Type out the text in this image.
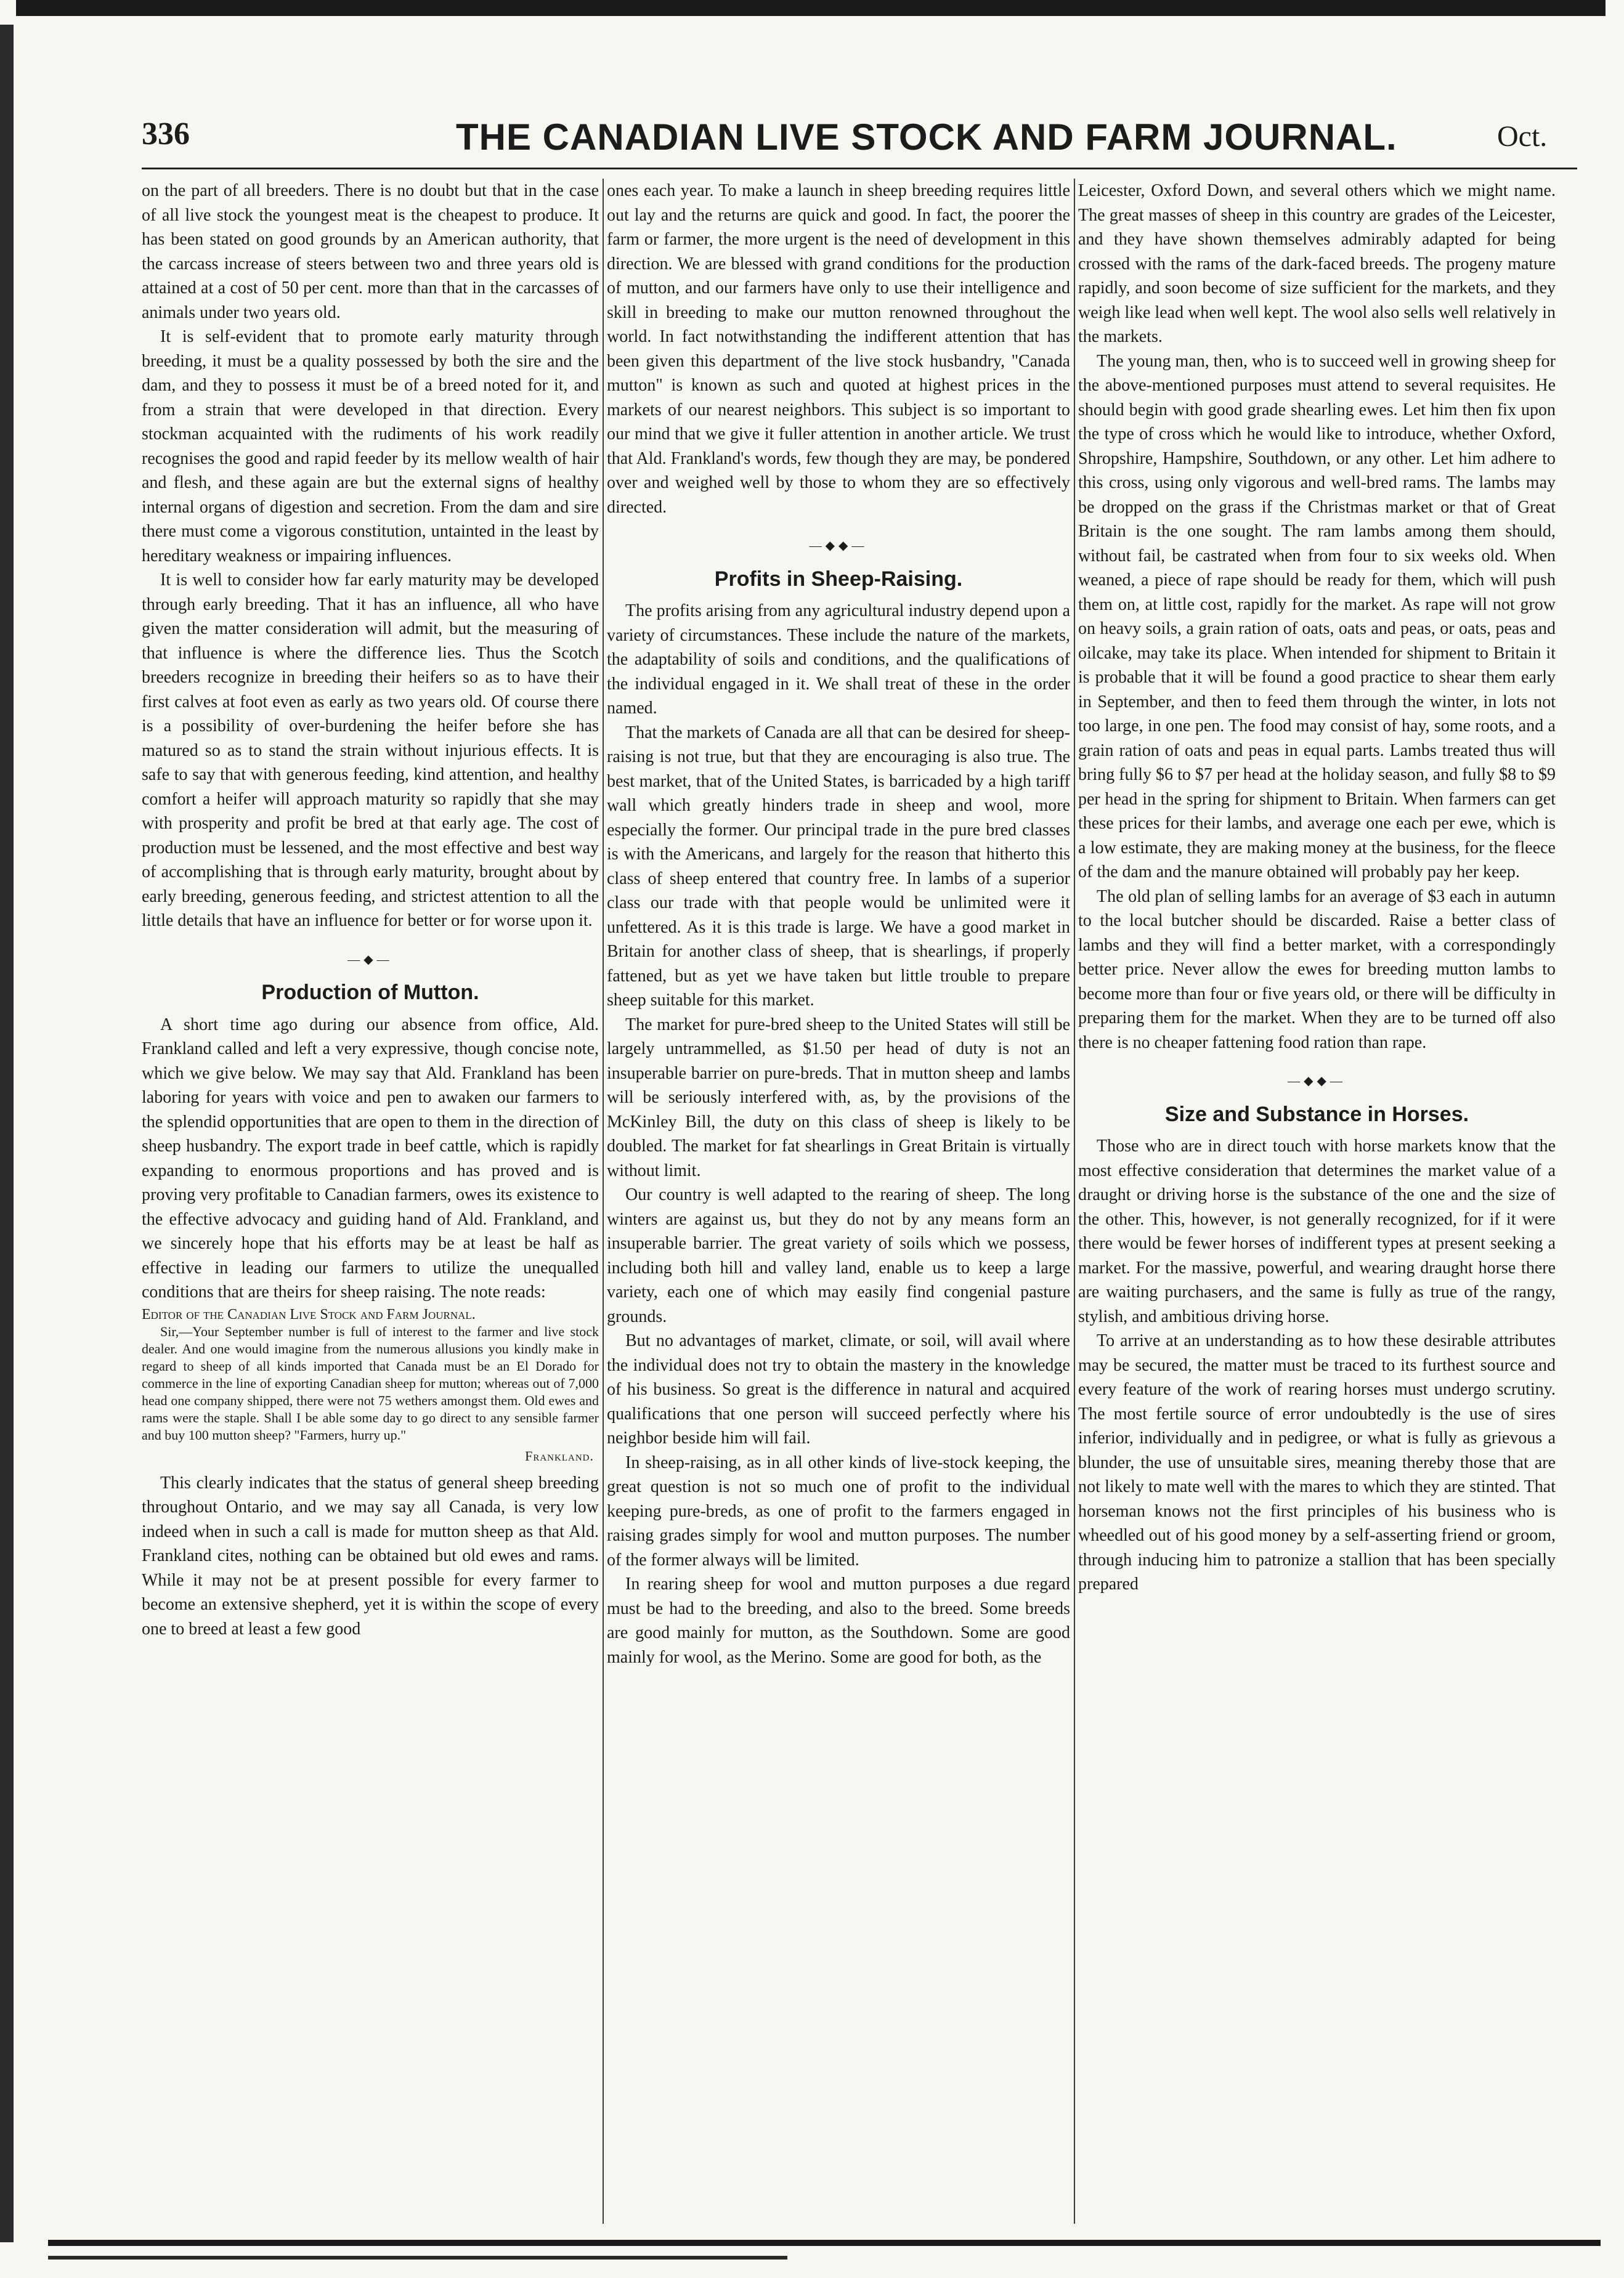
336	THE CANADIAN LIVE STOCK AND FARM JOURNAL.	Oct.

on the part of all breeders. There is no doubt but that in the case of all live stock the youngest meat is the cheapest to produce. It has been stated on good grounds by an American authority, that the carcass increase of steers between two and three years old is attained at a cost of 50 per cent. more than that in the carcasses of animals under two years old.

It is self-evident that to promote early maturity through breeding, it must be a quality possessed by both the sire and the dam, and they to possess it must be of a breed noted for it, and from a strain that were developed in that direction. Every stockman acquainted with the rudiments of his work readily recognises the good and rapid feeder by its mellow wealth of hair and flesh, and these again are but the external signs of healthy internal organs of digestion and secretion. From the dam and sire there must come a vigorous constitution, untainted in the least by hereditary weakness or impairing influences.

It is well to consider how far early maturity may be developed through early breeding. That it has an influence, all who have given the matter consideration will admit, but the measuring of that influence is where the difference lies. Thus the Scotch breeders recognize in breeding their heifers so as to have their first calves at foot even as early as two years old. Of course there is a possibility of over-burdening the heifer before she has matured so as to stand the strain without injurious effects. It is safe to say that with generous feeding, kind attention, and healthy comfort a heifer will approach maturity so rapidly that she may with prosperity and profit be bred at that early age. The cost of production must be lessened, and the most effective and best way of accomplishing that is through early maturity, brought about by early breeding, generous feeding, and strictest attention to all the little details that have an influence for better or for worse upon it.

—◆—
Production of Mutton.

A short time ago during our absence from office, Ald. Frankland called and left a very expressive, though concise note, which we give below. We may say that Ald. Frankland has been laboring for years with voice and pen to awaken our farmers to the splendid opportunities that are open to them in the direction of sheep husbandry. The export trade in beef cattle, which is rapidly expanding to enormous proportions and has proved and is proving very profitable to Canadian farmers, owes its existence to the effective advocacy and guiding hand of Ald. Frankland, and we sincerely hope that his efforts may be at least be half as effective in leading our farmers to utilize the unequalled conditions that are theirs for sheep raising. The note reads:

Editor of the Canadian Live Stock and Farm Journal.

Sir,—Your September number is full of interest to the farmer and live stock dealer. And one would imagine from the numerous allusions you kindly make in regard to sheep of all kinds imported that Canada must be an El Dorado for commerce in the line of exporting Canadian sheep for mutton; whereas out of 7,000 head one company shipped, there were not 75 wethers amongst them. Old ewes and rams were the staple. Shall I be able some day to go direct to any sensible farmer and buy 100 mutton sheep? "Farmers, hurry up."

Frankland.

This clearly indicates that the status of general sheep breeding throughout Ontario, and we may say all Canada, is very low indeed when in such a call is made for mutton sheep as that Ald. Frankland cites, nothing can be obtained but old ewes and rams. While it may not be at present possible for every farmer to become an extensive shepherd, yet it is within the scope of every one to breed at least a few good

ones each year. To make a launch in sheep breeding requires little out lay and the returns are quick and good. In fact, the poorer the farm or farmer, the more urgent is the need of development in this direction. We are blessed with grand conditions for the production of mutton, and our farmers have only to use their intelligence and skill in breeding to make our mutton renowned throughout the world. In fact notwithstanding the indifferent attention that has been given this department of the live stock husbandry, "Canada mutton" is known as such and quoted at highest prices in the markets of our nearest neighbors. This subject is so important to our mind that we give it fuller attention in another article. We trust that Ald. Frankland's words, few though they are may, be pondered over and weighed well by those to whom they are so effectively directed.

—◆◆—
Profits in Sheep-Raising.

The profits arising from any agricultural industry depend upon a variety of circumstances. These include the nature of the markets, the adaptability of soils and conditions, and the qualifications of the individual engaged in it. We shall treat of these in the order named.

That the markets of Canada are all that can be desired for sheep-raising is not true, but that they are encouraging is also true. The best market, that of the United States, is barricaded by a high tariff wall which greatly hinders trade in sheep and wool, more especially the former. Our principal trade in the pure bred classes is with the Americans, and largely for the reason that hitherto this class of sheep entered that country free. In lambs of a superior class our trade with that people would be unlimited were it unfettered. As it is this trade is large. We have a good market in Britain for another class of sheep, that is shearlings, if properly fattened, but as yet we have taken but little trouble to prepare sheep suitable for this market.

The market for pure-bred sheep to the United States will still be largely untrammelled, as $1.50 per head of duty is not an insuperable barrier on pure-breds. That in mutton sheep and lambs will be seriously interfered with, as, by the provisions of the McKinley Bill, the duty on this class of sheep is likely to be doubled. The market for fat shearlings in Great Britain is virtually without limit.

Our country is well adapted to the rearing of sheep. The long winters are against us, but they do not by any means form an insuperable barrier. The great variety of soils which we possess, including both hill and valley land, enable us to keep a large variety, each one of which may easily find congenial pasture grounds.

But no advantages of market, climate, or soil, will avail where the individual does not try to obtain the mastery in the knowledge of his business. So great is the difference in natural and acquired qualifications that one person will succeed perfectly where his neighbor beside him will fail.

In sheep-raising, as in all other kinds of live-stock keeping, the great question is not so much one of profit to the individual keeping pure-breds, as one of profit to the farmers engaged in raising grades simply for wool and mutton purposes. The number of the former always will be limited.

In rearing sheep for wool and mutton purposes a due regard must be had to the breeding, and also to the breed. Some breeds are good mainly for mutton, as the Southdown. Some are good mainly for wool, as the Merino. Some are good for both, as the

Leicester, Oxford Down, and several others which we might name. The great masses of sheep in this country are grades of the Leicester, and they have shown themselves admirably adapted for being crossed with the rams of the dark-faced breeds. The progeny mature rapidly, and soon become of size sufficient for the markets, and they weigh like lead when well kept. The wool also sells well relatively in the markets.

The young man, then, who is to succeed well in growing sheep for the above-mentioned purposes must attend to several requisites. He should begin with good grade shearling ewes. Let him then fix upon the type of cross which he would like to introduce, whether Oxford, Shropshire, Hampshire, Southdown, or any other. Let him adhere to this cross, using only vigorous and well-bred rams. The lambs may be dropped on the grass if the Christmas market or that of Great Britain is the one sought. The ram lambs among them should, without fail, be castrated when from four to six weeks old. When weaned, a piece of rape should be ready for them, which will push them on, at little cost, rapidly for the market. As rape will not grow on heavy soils, a grain ration of oats, oats and peas, or oats, peas and oilcake, may take its place. When intended for shipment to Britain it is probable that it will be found a good practice to shear them early in September, and then to feed them through the winter, in lots not too large, in one pen. The food may consist of hay, some roots, and a grain ration of oats and peas in equal parts. Lambs treated thus will bring fully $6 to $7 per head at the holiday season, and fully $8 to $9 per head in the spring for shipment to Britain. When farmers can get these prices for their lambs, and average one each per ewe, which is a low estimate, they are making money at the business, for the fleece of the dam and the manure obtained will probably pay her keep.

The old plan of selling lambs for an average of $3 each in autumn to the local butcher should be discarded. Raise a better class of lambs and they will find a better market, with a correspondingly better price. Never allow the ewes for breeding mutton lambs to become more than four or five years old, or there will be difficulty in preparing them for the market. When they are to be turned off also there is no cheaper fattening food ration than rape.

—◆◆—
Size and Substance in Horses.

Those who are in direct touch with horse markets know that the most effective consideration that determines the market value of a draught or driving horse is the substance of the one and the size of the other. This, however, is not generally recognized, for if it were there would be fewer horses of indifferent types at present seeking a market. For the massive, powerful, and wearing draught horse there are waiting purchasers, and the same is fully as true of the rangy, stylish, and ambitious driving horse.

To arrive at an understanding as to how these desirable attributes may be secured, the matter must be traced to its furthest source and every feature of the work of rearing horses must undergo scrutiny. The most fertile source of error undoubtedly is the use of sires inferior, individually and in pedigree, or what is fully as grievous a blunder, the use of unsuitable sires, meaning thereby those that are not likely to mate well with the mares to which they are stinted. That horseman knows not the first principles of his business who is wheedled out of his good money by a self-asserting friend or groom, through inducing him to patronize a stallion that has been specially prepared
